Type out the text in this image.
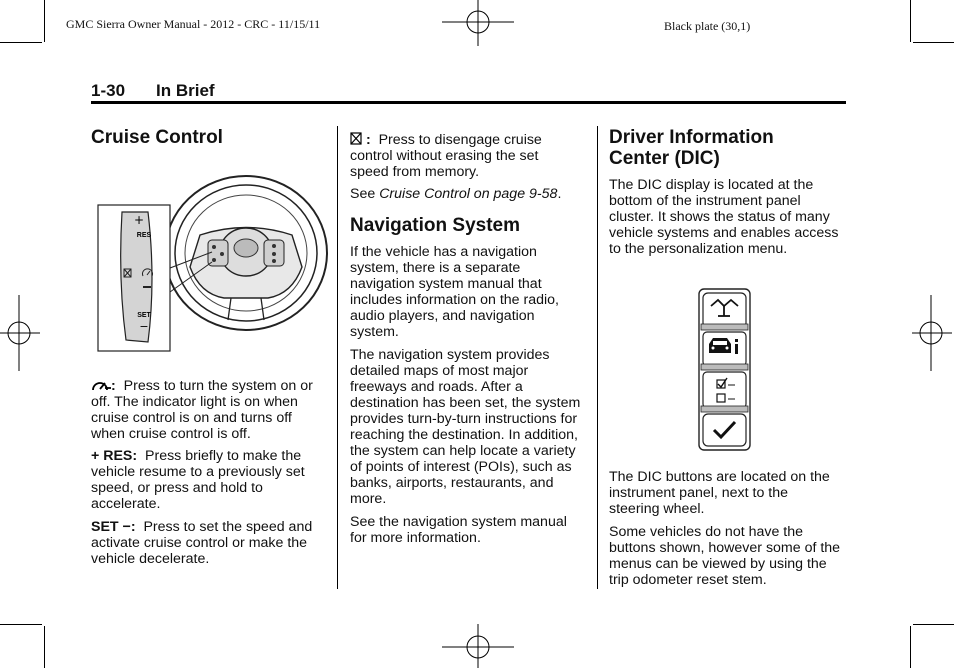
GMC Sierra Owner Manual - 2012 - CRC - 11/15/11	Black plate (30,1)
1-30 In Brief
Cruise Control
+
RES
SET
−

: Press to turn the system on or off. The indicator light is on when cruise control is on and turns off when cruise control is off.

+ RES: Press briefly to make the vehicle resume to a previously set speed, or press and hold to accelerate.

SET −: Press to set the speed and activate cruise control or make the vehicle decelerate.

: Press to disengage cruise control without erasing the set speed from memory.

See Cruise Control on page 9-58.

Navigation System

If the vehicle has a navigation system, there is a separate navigation system manual that includes information on the radio, audio players, and navigation system.

The navigation system provides detailed maps of most major freeways and roads. After a destination has been set, the system provides turn-by-turn instructions for reaching the destination. In addition, the system can help locate a variety of points of interest (POIs), such as banks, airports, restaurants, and more.

See the navigation system manual for more information.

Driver Information
Center (DIC)

The DIC display is located at the bottom of the instrument panel cluster. It shows the status of many vehicle systems and enables access to the personalization menu.

The DIC buttons are located on the instrument panel, next to the steering wheel.

Some vehicles do not have the buttons shown, however some of the menus can be viewed by using the trip odometer reset stem.
